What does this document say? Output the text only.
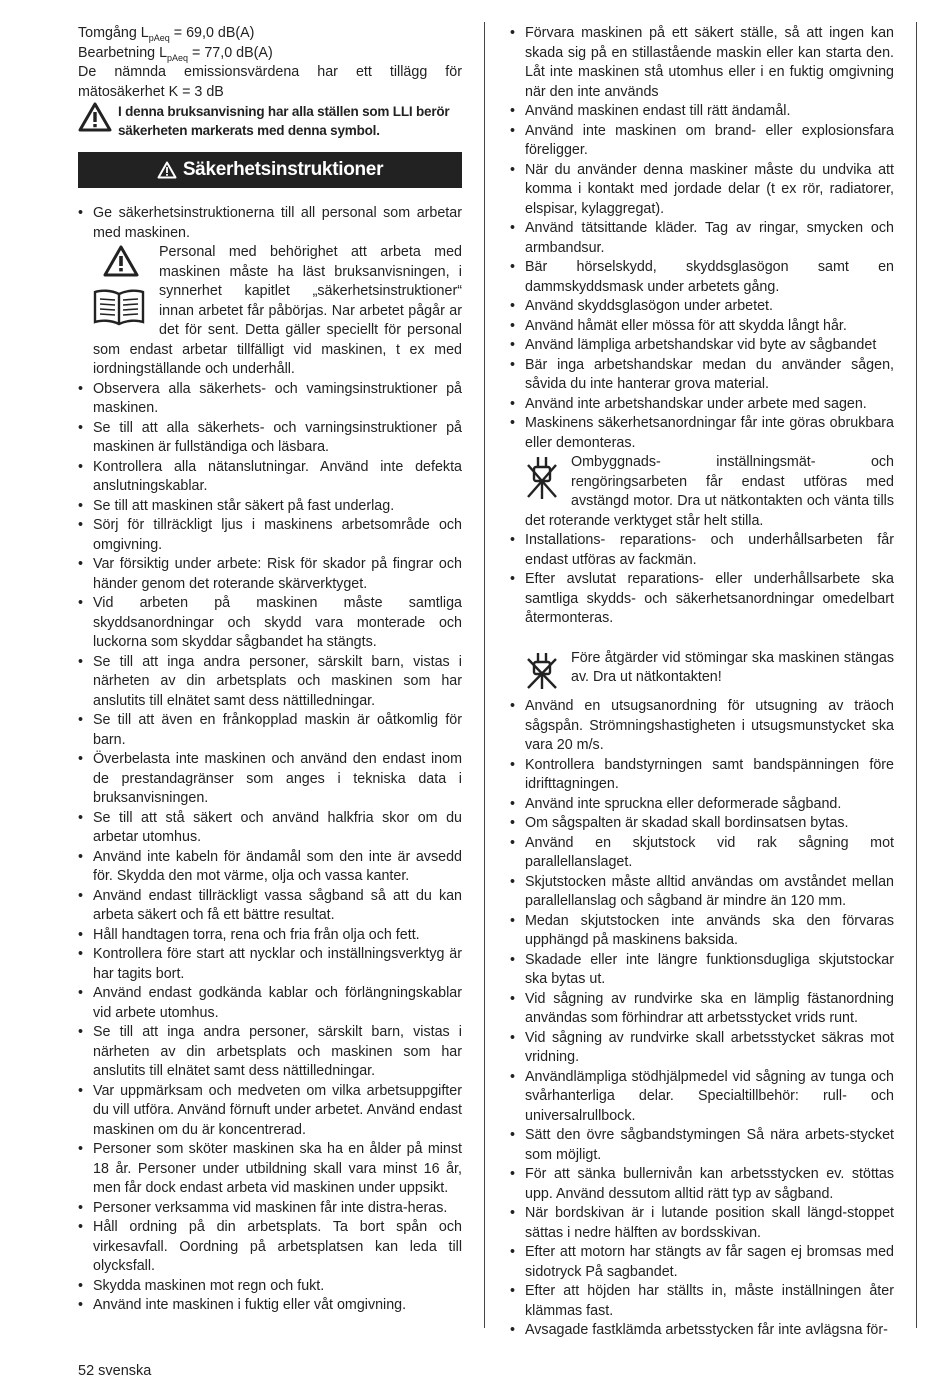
Tomgång $L_{pAeq} = 69,0$ dB(A)

Bearbetning $L_{pAeq} = 77,0$ dB(A)

De nämnda emissionsvärdena har ett tillägg för mätosäkerhet K = 3 dB

I denna bruksanvisning har alla ställen som LLI berör säkerheten markerats med denna symbol.
Säkerhetsinstruktioner
• Ge säkerhetsinstruktionerna till all personal som arbetar med maskinen.

Personal med behörighet att arbeta med maskinen måste ha läst bruksanvisningen, i synnerhet kapitlet „säkerhetsinstruktioner“ innan arbetet får påbörjas. Nar arbetet pågår ar det för sent. Detta gäller speciellt för personal som endast arbetar tillfälligt vid maskinen, t ex med iordningställande och underhåll.

• Observera alla säkerhets- och vamingsinstruktioner på maskinen.
• Se till att alla säkerhets- och varningsinstruktioner på maskinen är fullständiga och läsbara.
• Kontrollera alla nätanslutningar. Använd inte defekta anslutningskablar.
• Se till att maskinen står säkert på fast underlag.
• Sörj för tillräckligt ljus i maskinens arbetsområde och omgivning.
• Var försiktig under arbete: Risk för skador på fingrar och händer genom det roterande skärverktyget.
• Vid arbeten på maskinen måste samtliga skyddsanordningar och skydd vara monterade och luckorna som skyddar sågbandet ha stängts.
• Se till att inga andra personer, särskilt barn, vistas i närheten av din arbetsplats och maskinen som har anslutits till elnätet samt dess nättilledningar.
• Se till att även en frånkopplad maskin är oåtkomlig för barn.
• Överbelasta inte maskinen och använd den endast inom de prestandagränser som anges i tekniska data i bruksanvisningen.
• Se till att stå säkert och använd halkfria skor om du arbetar utomhus.
• Använd inte kabeln för ändamål som den inte är avsedd för. Skydda den mot värme, olja och vassa kanter.
• Använd endast tillräckligt vassa sågband så att du kan arbeta säkert och få ett bättre resultat.
• Håll handtagen torra, rena och fria från olja och fett.
• Kontrollera före start att nycklar och inställningsverktyg är har tagits bort.
• Använd endast godkända kablar och förlängningskablar vid arbete utomhus.
• Se till att inga andra personer, särskilt barn, vistas i närheten av din arbetsplats och maskinen som har anslutits till elnätet samt dess nättilledningar.
• Var uppmärksam och medveten om vilka arbetsuppgifter du vill utföra. Använd förnuft under arbetet. Använd endast maskinen om du är koncentrerad.
• Personer som sköter maskinen ska ha en ålder på minst 18 år. Personer under utbildning skall vara minst 16 år, men får dock endast arbeta vid maskinen under uppsikt.
• Personer verksamma vid maskinen får inte distra-heras.
• Håll ordning på din arbetsplats. Ta bort spån och virkesavfall. Oordning på arbetsplatsen kan leda till olycksfall.
• Skydda maskinen mot regn och fukt.
• Använd inte maskinen i fuktig eller våt omgivning.
• Förvara maskinen på ett säkert ställe, så att ingen kan skada sig på en stillastående maskin eller kan starta den. Låt inte maskinen stå utomhus eller i en fuktig omgivning när den inte används
• Använd maskinen endast till rätt ändamål.
• Använd inte maskinen om brand- eller explosionsfara föreligger.
• När du använder denna maskiner måste du undvika att komma i kontakt med jordade delar (t ex rör, radiatorer, elspisar, kylaggregat).
• Använd tätsittande kläder. Tag av ringar, smycken och armbandsur.
• Bär hörselskydd, skyddsglasögon samt en dammskyddsmask under arbetets gång.
• Använd skyddsglasögon under arbetet.
• Använd håmät eller mössa för att skydda långt hår.
• Använd lämpliga arbetshandskar vid byte av sågbandet
• Bär inga arbetshandskar medan du använder sågen, såvida du inte hanterar grova material.
• Använd inte arbetshandskar under arbete med sagen.
• Maskinens säkerhetsanordningar får inte göras obrukbara eller demonteras.

Ombyggnads- inställningsmät- och rengöringsarbeten får endast utföras med avstängd motor. Dra ut nätkontakten och vänta tills det roterande verktyget står helt stilla.

• Installations- reparations- och underhållsarbeten får endast utföras av fackmän.
• Efter avslutat reparations- eller underhållsarbete ska samtliga skydds- och säkerhetsanordningar omedelbart återmonteras.

Före åtgärder vid stömingar ska maskinen stängas av. Dra ut nätkontakten!

• Använd en utsugsanordning för utsugning av träoch sågspån. Strömningshastigheten i utsugsmunstycket ska vara 20 m/s.
• Kontrollera bandstyrningen samt bandspänningen före idrifttagningen.
• Använd inte spruckna eller deformerade sågband.
• Om sågspalten är skadad skall bordinsatsen bytas.
• Använd en skjutstock vid rak sågning mot parallellanslaget.
• Skjutstocken måste alltid användas om avståndet mellan parallellanslag och sågband är mindre än 120 mm.
• Medan skjutstocken inte används ska den förvaras upphängd på maskinens baksida.
• Skadade eller inte längre funktionsdugliga skjutstockar ska bytas ut.
• Vid sågning av rundvirke ska en lämplig fästanordning användas som förhindrar att arbetsstycket vrids runt.
• Vid sågning av rundvirke skall arbetsstycket säkras mot vridning.
• Användlämpliga stödhjälpmedel vid sågning av tunga och svårhanterliga delar. Specialtillbehör: rull- och universalrullbock.
• Sätt den övre sågbandstymingen Så nära arbets-stycket som möjligt.
• För att sänka bullernivån kan arbetsstycken ev. stöttas upp. Använd dessutom alltid rätt typ av sågband.
• När bordskivan är i lutande position skall längd-stoppet sättas i nedre hälften av bordsskivan.
• Efter att motorn har stängts av får sagen ej bromsas med sidotryck På sagbandet.
• Efter att höjden har ställts in, måste inställningen åter klämmas fast.
• Avsagade fastklämda arbetsstycken får inte avlägsna för-
52 svenska
